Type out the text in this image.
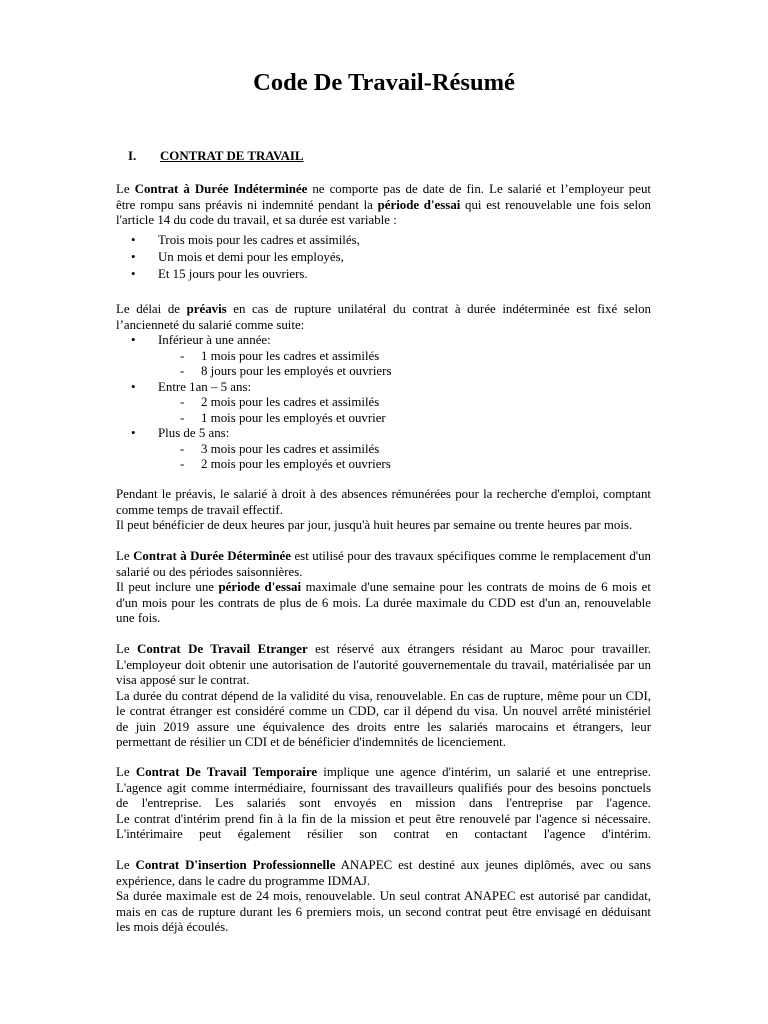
Code De Travail-Résumé
I. CONTRAT DE TRAVAIL
Le Contrat à Durée Indéterminée ne comporte pas de date de fin. Le salarié et l’employeur peut
être rompu sans préavis ni indemnité pendant la période d'essai qui est renouvelable une fois selon
l'article 14 du code du travail, et sa durée est variable :
• Trois mois pour les cadres et assimilés,
• Un mois et demi pour les employés,
• Et 15 jours pour les ouvriers.
Le délai de préavis en cas de rupture unilatéral du contrat à durée indéterminée est fixé selon
l’ancienneté du salarié comme suite:
• Inférieur à une année:
- 1 mois pour les cadres et assimilés
- 8 jours pour les employés et ouvriers
• Entre 1an – 5 ans:
- 2 mois pour les cadres et assimilés
- 1 mois pour les employés et ouvrier
• Plus de 5 ans:
- 3 mois pour les cadres et assimilés
- 2 mois pour les employés et ouvriers
Pendant le préavis, le salarié à droit à des absences rémunérées pour la recherche d'emploi, comptant
comme temps de travail effectif.
Il peut bénéficier de deux heures par jour, jusqu'à huit heures par semaine ou trente heures par mois.
Le Contrat à Durée Déterminée est utilisé pour des travaux spécifiques comme le remplacement d'un
salarié ou des périodes saisonnières.
Il peut inclure une période d'essai maximale d'une semaine pour les contrats de moins de 6 mois et
d'un mois pour les contrats de plus de 6 mois. La durée maximale du CDD est d'un an, renouvelable
une fois.
Le Contrat De Travail Etranger est réservé aux étrangers résidant au Maroc pour travailler.
L'employeur doit obtenir une autorisation de l'autorité gouvernementale du travail, matérialisée par un
visa apposé sur le contrat.
La durée du contrat dépend de la validité du visa, renouvelable. En cas de rupture, même pour un CDI,
le contrat étranger est considéré comme un CDD, car il dépend du visa. Un nouvel arrêté ministériel
de juin 2019 assure une équivalence des droits entre les salariés marocains et étrangers, leur
permettant de résilier un CDI et de bénéficier d'indemnités de licenciement.
Le Contrat De Travail Temporaire implique une agence d'intérim, un salarié et une entreprise.
L'agence agit comme intermédiaire, fournissant des travailleurs qualifiés pour des besoins ponctuels
de l'entreprise. Les salariés sont envoyés en mission dans l'entreprise par l'agence.
Le contrat d'intérim prend fin à la fin de la mission et peut être renouvelé par l'agence si nécessaire.
L'intérimaire peut également résilier son contrat en contactant l'agence d'intérim.
Le Contrat D'insertion Professionnelle ANAPEC est destiné aux jeunes diplômés, avec ou sans
expérience, dans le cadre du programme IDMAJ.
Sa durée maximale est de 24 mois, renouvelable. Un seul contrat ANAPEC est autorisé par candidat,
mais en cas de rupture durant les 6 premiers mois, un second contrat peut être envisagé en déduisant
les mois déjà écoulés.
